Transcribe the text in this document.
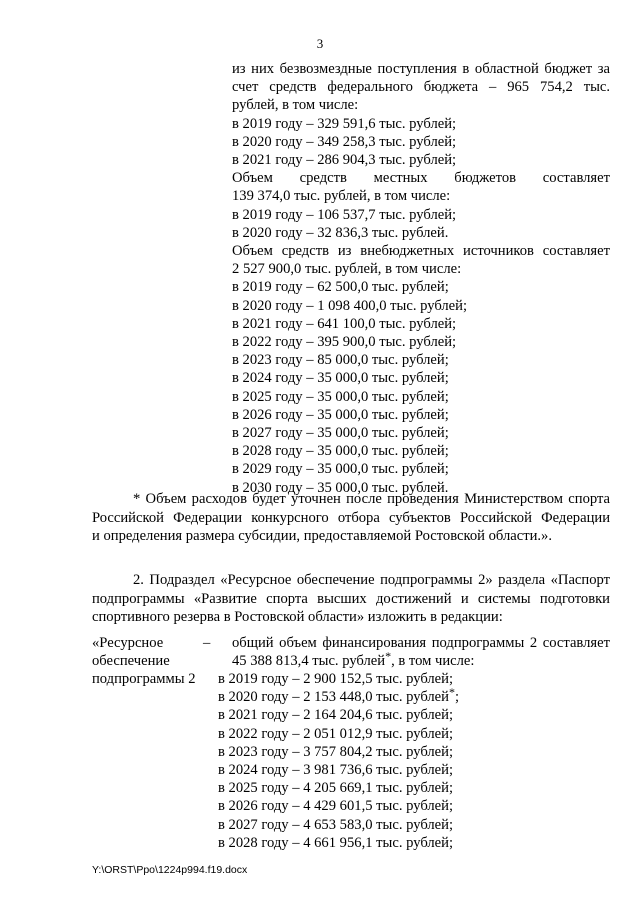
3
из них безвозмездные поступления в областной бюджет за
счет средств федерального бюджета – 965 754,2 тыс.
рублей, в том числе:
в 2019 году – 329 591,6 тыс. рублей;
в 2020 году – 349 258,3 тыс. рублей;
в 2021 году – 286 904,3 тыс. рублей;
Объем средств местных бюджетов составляет
139 374,0 тыс. рублей, в том числе:
в 2019 году – 106 537,7 тыс. рублей;
в 2020 году – 32 836,3 тыс. рублей.
Объем средств из внебюджетных источников составляет
2 527 900,0 тыс. рублей, в том числе:
в 2019 году – 62 500,0 тыс. рублей;
в 2020 году – 1 098 400,0 тыс. рублей;
в 2021 году – 641 100,0 тыс. рублей;
в 2022 году – 395 900,0 тыс. рублей;
в 2023 году – 85 000,0 тыс. рублей;
в 2024 году – 35 000,0 тыс. рублей;
в 2025 году – 35 000,0 тыс. рублей;
в 2026 году – 35 000,0 тыс. рублей;
в 2027 году – 35 000,0 тыс. рублей;
в 2028 году – 35 000,0 тыс. рублей;
в 2029 году – 35 000,0 тыс. рублей;
в 2030 году – 35 000,0 тыс. рублей.
* Объем расходов будет уточнен после проведения Министерством спорта
Российской Федерации конкурсного отбора субъектов Российской Федерации
и определения размера субсидии, предоставляемой Ростовской области.».
2. Подраздел «Ресурсное обеспечение подпрограммы 2» раздела «Паспорт
подпрограммы «Развитие спорта высших достижений и системы подготовки
спортивного резерва в Ростовской области» изложить в редакции:
«Ресурсное
обеспечение
подпрограммы 2
– общий объем финансирования подпрограммы 2 составляет
45 388 813,4 тыс. рублей*, в том числе:
в 2019 году – 2 900 152,5 тыс. рублей;
в 2020 году – 2 153 448,0 тыс. рублей*;
в 2021 году – 2 164 204,6 тыс. рублей;
в 2022 году – 2 051 012,9 тыс. рублей;
в 2023 году – 3 757 804,2 тыс. рублей;
в 2024 году – 3 981 736,6 тыс. рублей;
в 2025 году – 4 205 669,1 тыс. рублей;
в 2026 году – 4 429 601,5 тыс. рублей;
в 2027 году – 4 653 583,0 тыс. рублей;
в 2028 году – 4 661 956,1 тыс. рублей;
Y:\ORST\Ppo\1224p994.f19.docx
